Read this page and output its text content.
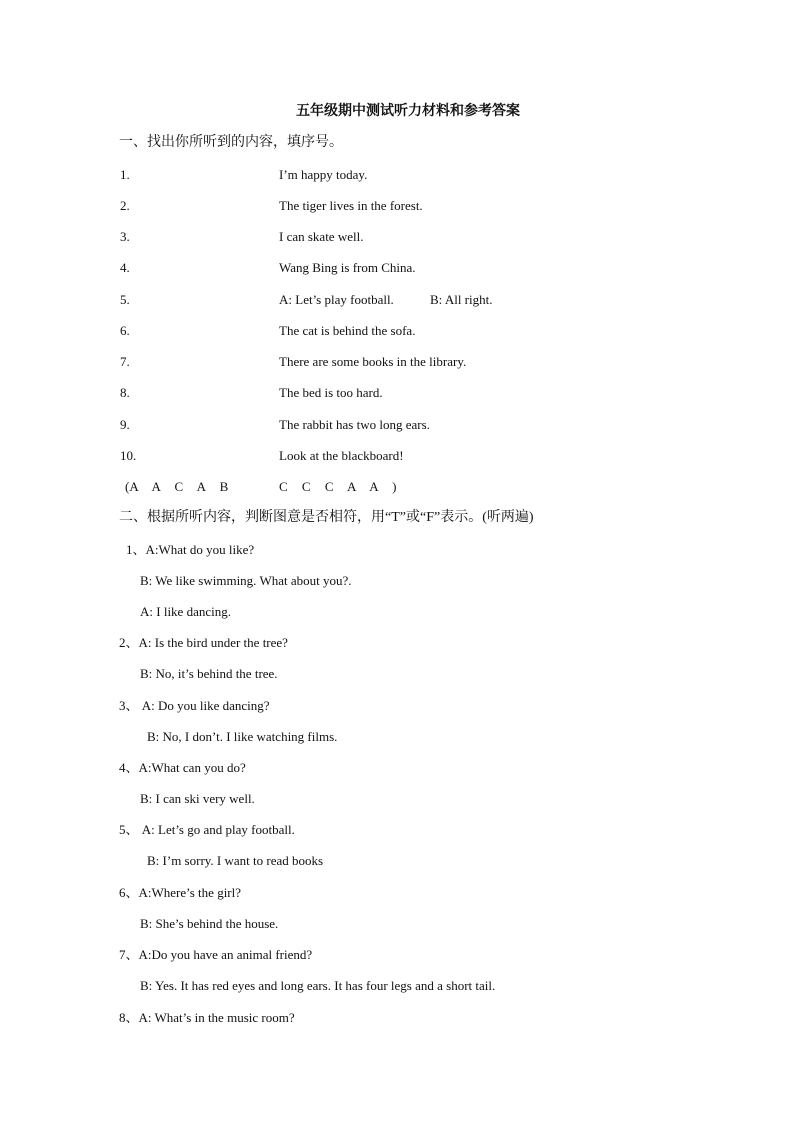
五年级期中测试听力材料和参考答案
一、找出你所听到的内容，填序号。
1.	I’m happy today.
2.	The tiger lives in the forest.
3.	I can skate well.
4.	Wang Bing is from China.
5.	A: Let’s play football.	B: All right.
6.	The cat is behind the sofa.
7.	There are some books in the library.
8.	The bed is too hard.
9.	The rabbit has two long ears.
10.	Look at the blackboard!
(A A C A B	C C C A A )
二、根据所听内容，判断图意是否相符，用“T”或“F”表示。(听两遍)
1、A:What do you like?
B: We like swimming. What about you?.
A: I like dancing.
2、A: Is the bird under the tree?
B: No, it’s behind the tree.
3、 A: Do you like dancing?
B: No, I don’t. I like watching films.
4、A:What can you do?
B: I can ski very well.
5、 A: Let’s go and play football.
B: I’m sorry. I want to read books
6、A:Where’s the girl?
B: She’s behind the house.
7、A:Do you have an animal friend?
B: Yes. It has red eyes and long ears. It has four legs and a short tail.
8、A: What’s in the music room?
